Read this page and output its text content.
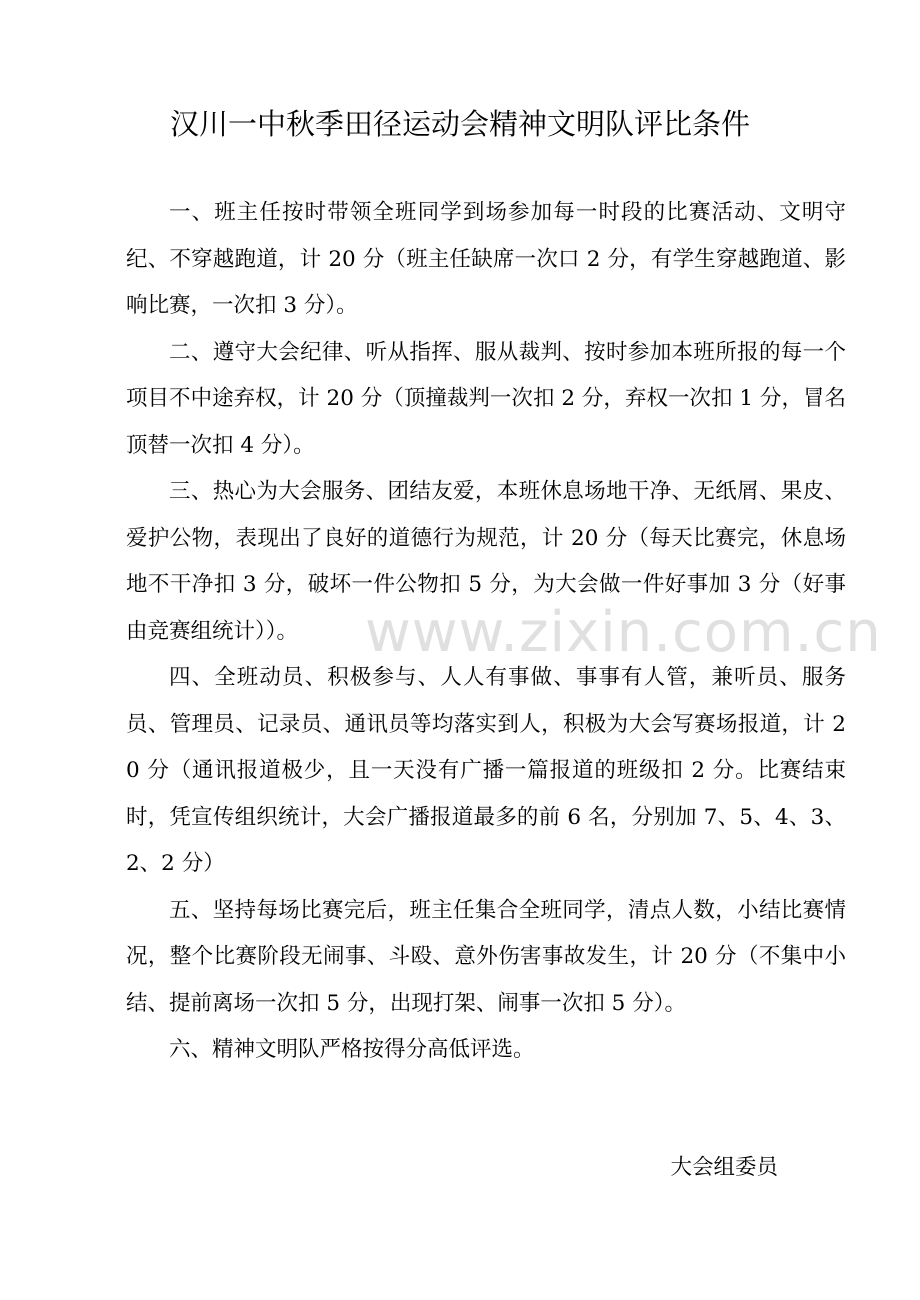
汉川一中秋季田径运动会精神文明队评比条件

一、班主任按时带领全班同学到场参加每一时段的比赛活动、文明守纪、不穿越跑道，计 20 分（班主任缺席一次口 2 分，有学生穿越跑道、影响比赛，一次扣 3 分）。

二、遵守大会纪律、听从指挥、服从裁判、按时参加本班所报的每一个项目不中途弃权，计 20 分（顶撞裁判一次扣 2 分，弃权一次扣 1 分，冒名顶替一次扣 4 分）。

三、热心为大会服务、团结友爱，本班休息场地干净、无纸屑、果皮、爱护公物，表现出了良好的道德行为规范，计 20 分（每天比赛完，休息场地不干净扣 3 分，破坏一件公物扣 5 分，为大会做一件好事加 3 分（好事由竞赛组统计））。

四、全班动员、积极参与、人人有事做、事事有人管，兼听员、服务员、管理员、记录员、通讯员等均落实到人，积极为大会写赛场报道，计 20 分（通讯报道极少，且一天没有广播一篇报道的班级扣 2 分。比赛结束时，凭宣传组织统计，大会广播报道最多的前 6 名，分别加 7、5、4、3、2、2 分）

五、坚持每场比赛完后，班主任集合全班同学，清点人数，小结比赛情况，整个比赛阶段无闹事、斗殴、意外伤害事故发生，计 20 分（不集中小结、提前离场一次扣 5 分，出现打架、闹事一次扣 5 分）。

六、精神文明队严格按得分高低评选。

www.zixin.com.cn

大会组委员
